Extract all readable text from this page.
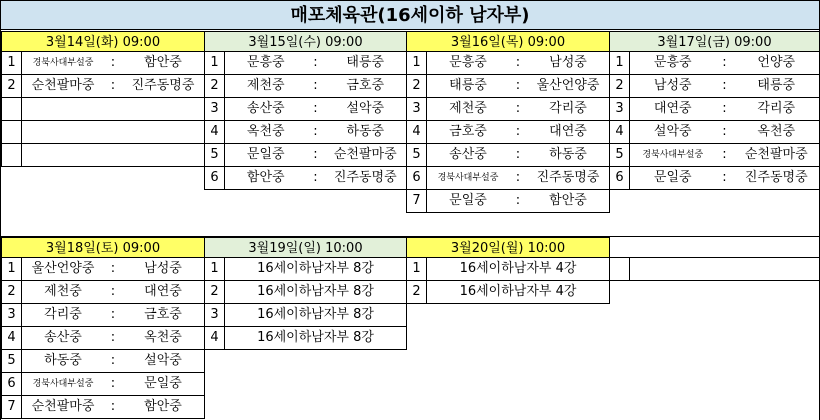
매포체육관(16세이하 남자부)
3월14일(화) 09:00
1	경북사대부설중	:	함안중
2	순천팔마중	:	진주동명중
3월15일(수) 09:00
1	문흥중	:	태릉중
2	제천중	:	금호중
3	송산중	:	설악중
4	옥천중	:	하동중
5	문일중	:	순천팔마중
6	함안중	:	진주동명중
3월16일(목) 09:00
1	문흥중	:	남성중
2	태릉중	:	울산언양중
3	제천중	:	각리중
4	금호중	:	대연중
5	송산중	:	하동중
6	경북사대부설중	:	진주동명중
7	문일중	:	함안중
3월17일(금) 09:00
1	문흥중	:	언양중
2	남성중	:	태릉중
3	대연중	:	각리중
4	설악중	:	옥천중
5	경북사대부설중	:	순천팔마중
6	문일중	:	진주동명중
3월18일(토) 09:00
1	울산언양중	:	남성중
2	제천중	:	대연중
3	각리중	:	금호중
4	송산중	:	옥천중
5	하동중	:	설악중
6	경북사대부설중	:	문일중
7	순천팔마중	:	함안중
3월19일(일) 10:00
1	16세이하남자부 8강
2	16세이하남자부 8강
3	16세이하남자부 8강
4	16세이하남자부 8강
3월20일(월) 10:00
1	16세이하남자부 4강
2	16세이하남자부 4강
